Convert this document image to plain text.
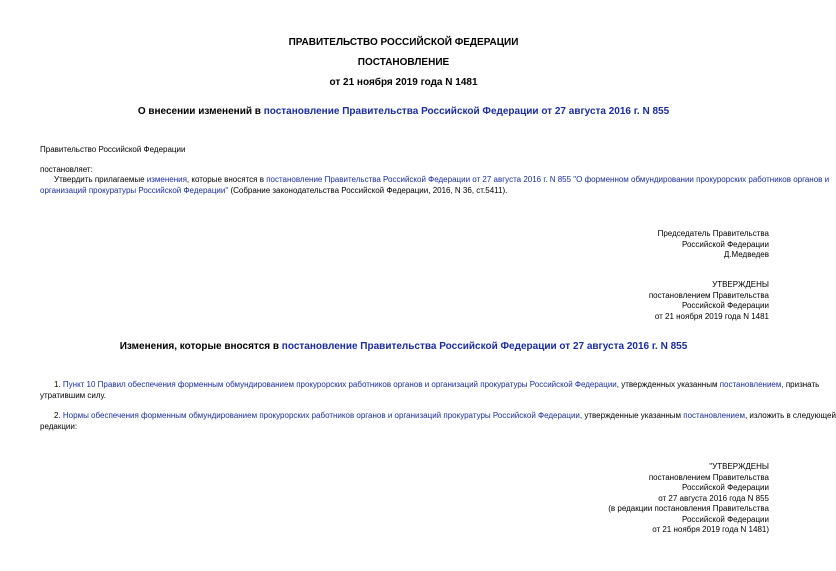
ПРАВИТЕЛЬСТВО РОССИЙСКОЙ ФЕДЕРАЦИИ
ПОСТАНОВЛЕНИЕ
от 21 ноября 2019 года N 1481
О внесении изменений в постановление Правительства Российской Федерации от 27 августа 2016 г. N 855
Правительство Российской Федерации
постановляет:
Утвердить прилагаемые изменения, которые вносятся в постановление Правительства Российской Федерации от 27 августа 2016 г. N 855 "О форменном обмундировании прокурорских работников органов и
организаций прокуратуры Российской Федерации" (Собрание законодательства Российской Федерации, 2016, N 36, ст.5411).
Председатель Правительства
Российской Федерации
Д.Медведев
УТВЕРЖДЕНЫ
постановлением Правительства
Российской Федерации
от 21 ноября 2019 года N 1481
Изменения, которые вносятся в постановление Правительства Российской Федерации от 27 августа 2016 г. N 855
1. Пункт 10 Правил обеспечения форменным обмундированием прокурорских работников органов и организаций прокуратуры Российской Федерации, утвержденных указанным постановлением, признать
утратившим силу.
2. Нормы обеспечения форменным обмундированием прокурорских работников органов и организаций прокуратуры Российской Федерации, утвержденные указанным постановлением, изложить в следующей
редакции:
"УТВЕРЖДЕНЫ
постановлением Правительства
Российской Федерации
от 27 августа 2016 года N 855
(в редакции постановления Правительства
Российской Федерации
от 21 ноября 2019 года N 1481)
